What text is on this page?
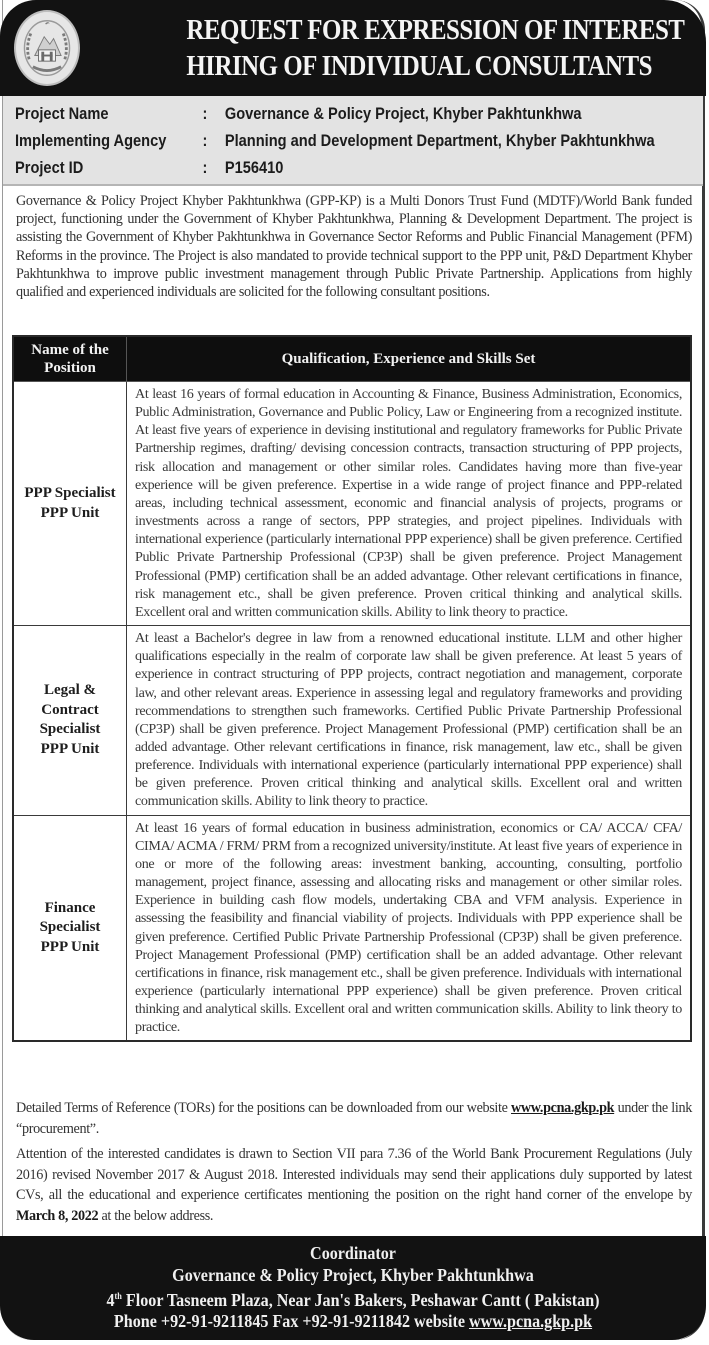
REQUEST FOR EXPRESSION OF INTEREST
HIRING OF INDIVIDUAL CONSULTANTS
Project Name	: Governance & Policy Project, Khyber Pakhtunkhwa
Implementing Agency : Planning and Development Department, Khyber Pakhtunkhwa
Project ID	: P156410
Governance & Policy Project Khyber Pakhtunkhwa (GPP-KP) is a Multi Donors Trust Fund (MDTF)/World Bank funded project, functioning under the Government of Khyber Pakhtunkhwa, Planning & Development Department. The project is assisting the Government of Khyber Pakhtunkhwa in Governance Sector Reforms and Public Financial Management (PFM) Reforms in the province. The Project is also mandated to provide technical support to the PPP unit, P&D Department Khyber Pakhtunkhwa to improve public investment management through Public Private Partnership. Applications from highly qualified and experienced individuals are solicited for the following consultant positions.
Name of the Position	Qualification, Experience and Skills Set

PPP Specialist
PPP Unit	At least 16 years of formal education in Accounting & Finance, Business Administration, Economics, Public Administration, Governance and Public Policy, Law or Engineering from a recognized institute. At least five years of experience in devising institutional and regulatory frameworks for Public Private Partnership regimes, drafting/ devising concession contracts, transaction structuring of PPP projects, risk allocation and management or other similar roles. Candidates having more than five-year experience will be given preference. Expertise in a wide range of project finance and PPP-related areas, including technical assessment, economic and financial analysis of projects, programs or investments across a range of sectors, PPP strategies, and project pipelines. Individuals with international experience (particularly international PPP experience) shall be given preference. Certified Public Private Partnership Professional (CP3P) shall be given preference. Project Management Professional (PMP) certification shall be an added advantage. Other relevant certifications in finance, risk management etc., shall be given preference. Proven critical thinking and analytical skills. Excellent oral and written communication skills. Ability to link theory to practice.

Legal &
Contract
Specialist
PPP Unit
	At least a Bachelor's degree in law from a renowned educational institute. LLM and other higher qualifications especially in the realm of corporate law shall be given preference. At least 5 years of experience in contract structuring of PPP projects, contract negotiation and management, corporate law, and other relevant areas. Experience in assessing legal and regulatory frameworks and providing recommendations to strengthen such frameworks. Certified Public Private Partnership Professional (CP3P) shall be given preference. Project Management Professional (PMP) certification shall be an added advantage. Other relevant certifications in finance, risk management, law etc., shall be given preference. Individuals with international experience (particularly international PPP experience) shall be given preference. Proven critical thinking and analytical skills. Excellent oral and written communication skills. Ability to link theory to practice.

Finance
Specialist
PPP Unit
	At least 16 years of formal education in business administration, economics or CA/ ACCA/ CFA/ CIMA/ ACMA / FRM/ PRM from a recognized university/institute. At least five years of experience in one or more of the following areas: investment banking, accounting, consulting, portfolio management, project finance, assessing and allocating risks and management or other similar roles. Experience in building cash flow models, undertaking CBA and VFM analysis. Experience in assessing the feasibility and financial viability of projects. Individuals with PPP experience shall be given preference. Certified Public Private Partnership Professional (CP3P) shall be given preference. Project Management Professional (PMP) certification shall be an added advantage. Other relevant certifications in finance, risk management etc., shall be given preference. Individuals with international experience (particularly international PPP experience) shall be given preference. Proven critical thinking and analytical skills. Excellent oral and written communication skills. Ability to link theory to practice.
Detailed Terms of Reference (TORs) for the positions can be downloaded from our website www.pcna.gkp.pk under the link “procurement”.
Attention of the interested candidates is drawn to Section VII para 7.36 of the World Bank Procurement Regulations (July 2016) revised November 2017 & August 2018. Interested individuals may send their applications duly supported by latest CVs, all the educational and experience certificates mentioning the position on the right hand corner of the envelope by March 8, 2022 at the below address.
Coordinator
Governance & Policy Project, Khyber Pakhtunkhwa
4th Floor Tasneem Plaza, Near Jan's Bakers, Peshawar Cantt ( Pakistan)
Phone +92-91-9211845 Fax +92-91-9211842 website www.pcna.gkp.pk
